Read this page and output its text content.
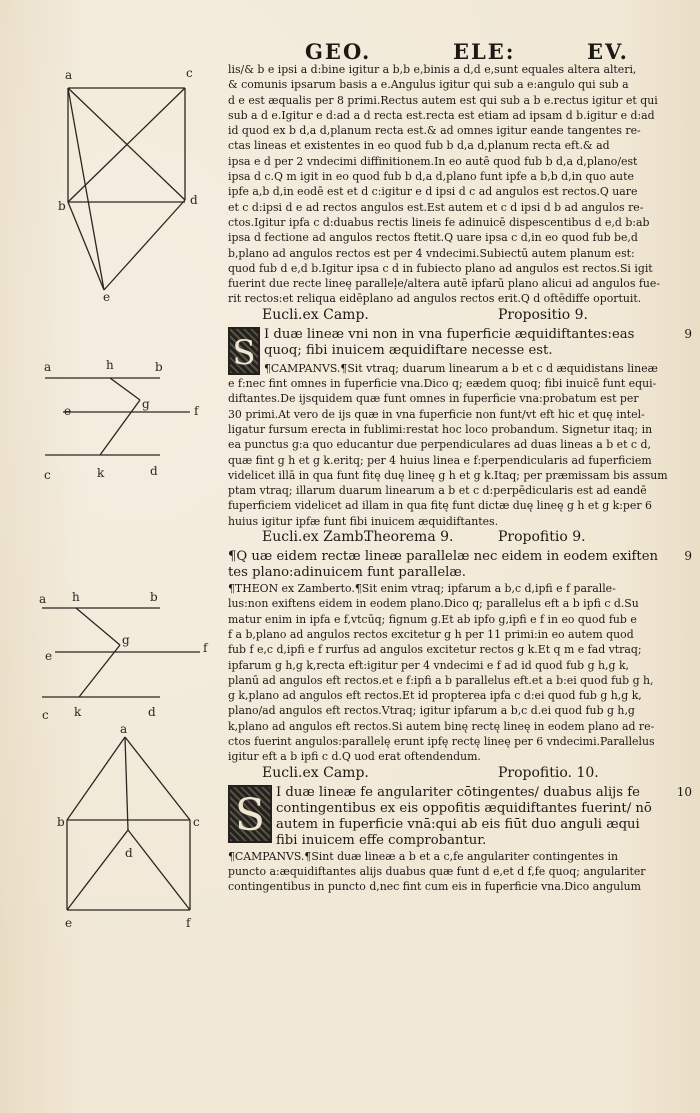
GEO.	ELE:	EV.
a	c
b	d
e
a	h	b
e	g	f
c	k	d
a h	b
g
e
f
c k	d
a
b	c
d
e	f
lis/& b e ipsi a d:bine igitur a b,b e,binis a d,d e,sunt equales altera alteri,
& comunis ipsarum basis a e.Angulus igitur qui sub a e:angulo qui sub a
d e est æqualis per 8 primi.Rectus autem est qui sub a b e.rectus igitur et qui
sub a d e.Igitur e d:ad a d recta est.recta est etiam ad ipsam d b.igitur e d:ad
id quod ex b d,a d,planum recta est.& ad omnes igitur eande tangentes re-
ctas lineas et existentes in eo quod fub b d,a d,planum recta eft.& ad
ipsa e d per 2 vndecimi diffinitionem.In eo autē quod fub b d,a d,plano/est
ipsa d c.Q m igit in eo quod fub b d,a d,plano funt ipfe a b,b d,in quo aute
ipfe a,b d,in eodē est et d c:igitur e d ipsi d c ad angulos est rectos.Q uare
et c d:ipsi d e ad rectos angulos est.Est autem et c d ipsi d b ad angulos re-
ctos.Igitur ipfa c d:duabus rectis lineis fe adinuicē dispescentibus d e,d b:ab
ipsa d fectione ad angulos rectos ftetit.Q uare ipsa c d,in eo quod fub be,d
b,plano ad angulos rectos est per 4 vndecimi.Subiectū autem planum est:
quod fub d e,d b.Igitur ipsa c d in fubiecto plano ad angulos est rectos.Si igit
fuerint due recte lineę paralleļe/altera autē ipfarū plano alicui ad angulos fue-
rit rectos:et reliqua eidēplano ad angulos rectos erit.Q d oftēdiffe oportuit.
Eucli.ex Camp.	Propositio 9.
S I duæ lineæ vni non in vna fuperficie æquidiftantes:eas
quoq; fibi inuicem æquidiftare necesse est.
9
¶CAMPANVS.¶Sit vtraq; duarum linearum a b et c d æquidistans lineæ
e f:nec fint omnes in fuperficie vna.Dico q; eædem quoq; fibi inuicē funt equi-
diftantes.De ijsquidem quæ funt omnes in fuperficie vna:probatum est per
30 primi.At vero de ijs quæ in vna fuperficie non funt/vt eft hic et quę intel-
ligatur fursum erecta in fublimi:restat hoc loco probandum. Signetur itaq; in
ea punctus g:a quo educantur due perpendiculares ad duas lineas a b et c d,
quæ fint g h et g k.eritq; per 4 huius linea e f:perpendicularis ad fuperficiem
videlicet illā in qua funt fitę duę lineę g h et g k.Itaq; per præmissam bis assum
ptam vtraq; illarum duarum linearum a b et c d:perpēdicularis est ad eandē
fuperficiem videlicet ad illam in qua fitę funt dictæ duę lineę g h et g k:per 6
huius igitur ipfæ funt fibi inuicem æquidiftantes.
Eucli.ex Zamb.
Theorema 9.	Propofitio 9.
¶Q uæ eidem rectæ lineæ parallelæ nec eidem in eodem exiften
tes plano:adinuicem funt parallelæ.
9
¶THEON ex Zamberto.¶Sit enim vtraq; ipfarum a b,c d,ipfi e f paralle-
lus:non exiftens eidem in eodem plano.Dico q; parallelus eft a b ipfi c d.Su
matur enim in ipfa e f,vtcūq; fignum g.Et ab ipfo g,ipfi e f in eo quod fub e
f a b,plano ad angulos rectos excitetur g h per 11 primi:in eo autem quod
fub f e,c d,ipfi e f rurfus ad angulos excitetur rectos g k.Et q m e fad vtraq;
ipfarum g h,g k,recta eft:igitur per 4 vndecimi e f ad id quod fub g h,g k,
planū ad angulos eft rectos.et e f:ipfi a b parallelus eft.et a b:ei quod fub g h,
g k,plano ad angulos eft rectos.Et id propterea ipfa c d:ei quod fub g h,g k,
plano/ad angulos eft rectos.Vtraq; igitur ipfarum a b,c d.ei quod fub g h,g
k,plano ad angulos eft rectos.Si autem binę rectę lineę in eodem plano ad re-
ctos fuerint angulos:parallelę erunt ipfę rectę lineę per 6 vndecimi.Parallelus
igitur eft a b ipfi c d.Q uod erat oftendendum.
Eucli.ex Camp.	Propofitio. 10.
S I duæ lineæ fe angulariter cōtingentes/ duabus alijs fe
contingentibus ex eis oppofitis æquidiftantes fuerint/ nō
autem in fuperficie vnā:qui ab eis fiūt duo anguli æqui
fibi inuicem effe comprobantur.
10
¶CAMPANVS.¶Sint duæ lineæ a b et a c,fe angulariter contingentes in
puncto a:æquidiftantes alijs duabus quæ funt d e,et d f,fe quoq; angulariter
contingentibus in puncto d,nec fint cum eis in fuperficie vna.Dico angulum
